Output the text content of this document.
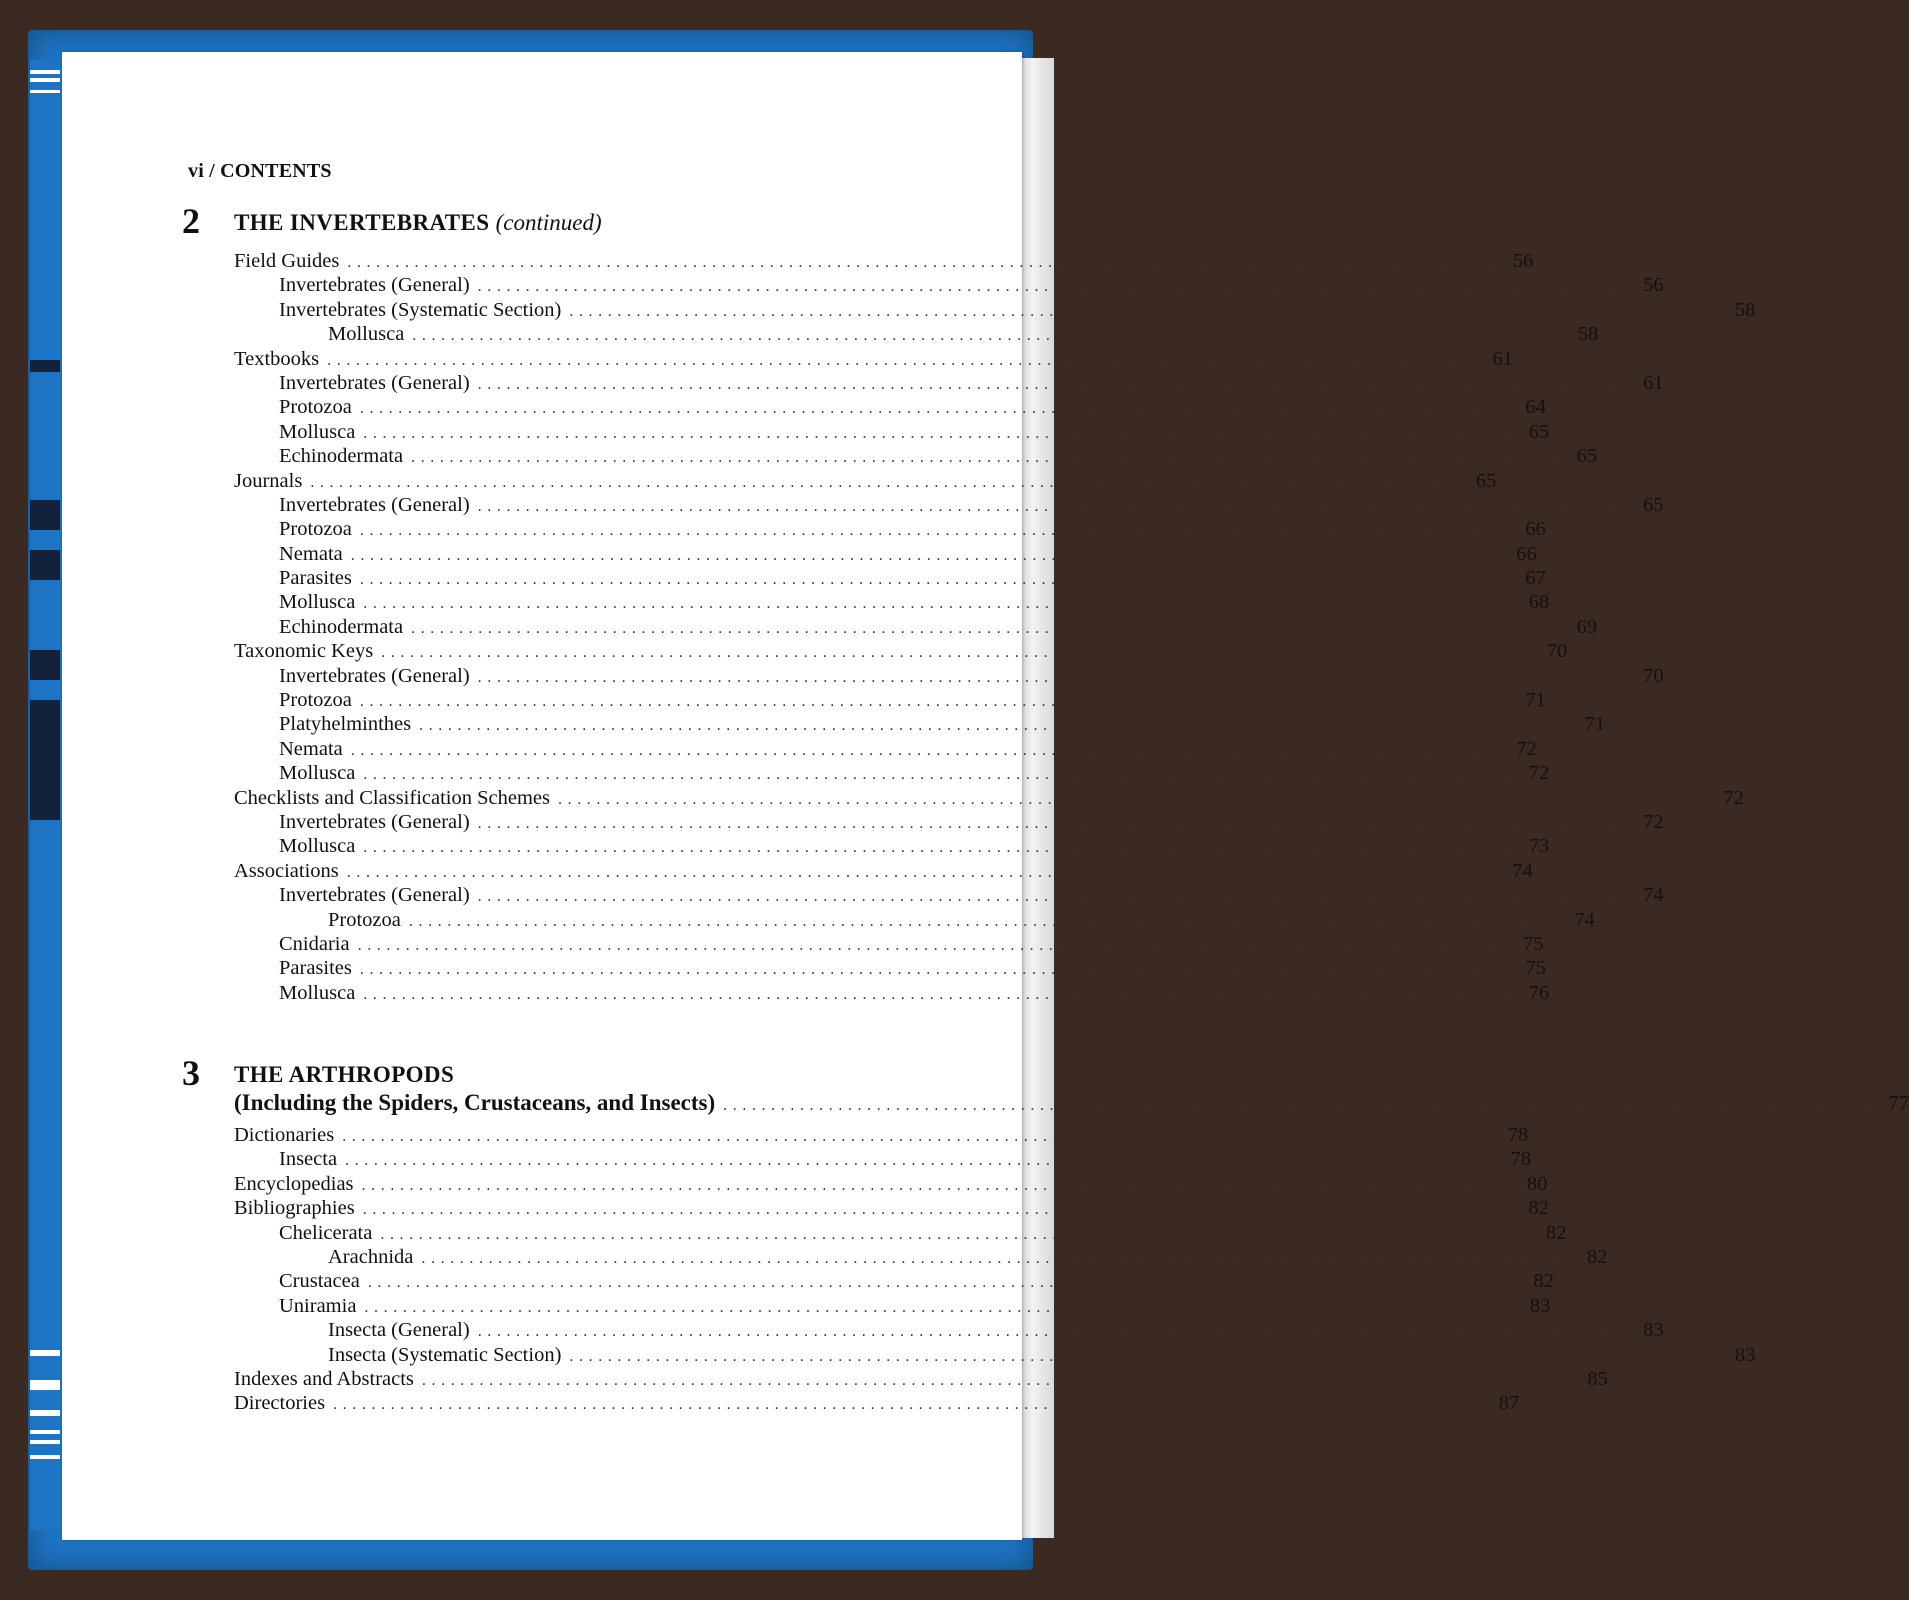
vi / CONTENTS
2 THE INVERTEBRATES (continued)
Field Guides ........................................................................................................................ 56
Invertebrates (General) ........................................................................................................................ 56
Invertebrates (Systematic Section) ........................................................................................................................ 58
Mollusca ........................................................................................................................ 58
Textbooks ........................................................................................................................ 61
Invertebrates (General) ........................................................................................................................ 61
Protozoa ........................................................................................................................ 64
Mollusca ........................................................................................................................ 65
Echinodermata ........................................................................................................................ 65
Journals ........................................................................................................................ 65
Invertebrates (General) ........................................................................................................................ 65
Protozoa ........................................................................................................................ 66
Nemata ........................................................................................................................ 66
Parasites ........................................................................................................................ 67
Mollusca ........................................................................................................................ 68
Echinodermata ........................................................................................................................ 69
Taxonomic Keys ........................................................................................................................ 70
Invertebrates (General) ........................................................................................................................ 70
Protozoa ........................................................................................................................ 71
Platyhelminthes ........................................................................................................................ 71
Nemata ........................................................................................................................ 72
Mollusca ........................................................................................................................ 72
Checklists and Classification Schemes ........................................................................................................................ 72
Invertebrates (General) ........................................................................................................................ 72
Mollusca ........................................................................................................................ 73
Associations ........................................................................................................................ 74
Invertebrates (General) ........................................................................................................................ 74
Protozoa ........................................................................................................................ 74
Cnidaria ........................................................................................................................ 75
Parasites ........................................................................................................................ 75
Mollusca ........................................................................................................................ 76
3 THE ARTHROPODS
(Including the Spiders, Crustaceans, and Insects) ........................................................................................................................ 77
Dictionaries ........................................................................................................................ 78
Insecta ........................................................................................................................ 78
Encyclopedias ........................................................................................................................ 80
Bibliographies ........................................................................................................................ 82
Chelicerata ........................................................................................................................ 82
Arachnida ........................................................................................................................ 82
Crustacea ........................................................................................................................ 82
Uniramia ........................................................................................................................ 83
Insecta (General) ........................................................................................................................ 83
Insecta (Systematic Section) ........................................................................................................................ 83
Indexes and Abstracts ........................................................................................................................ 85
Directories ........................................................................................................................ 87
